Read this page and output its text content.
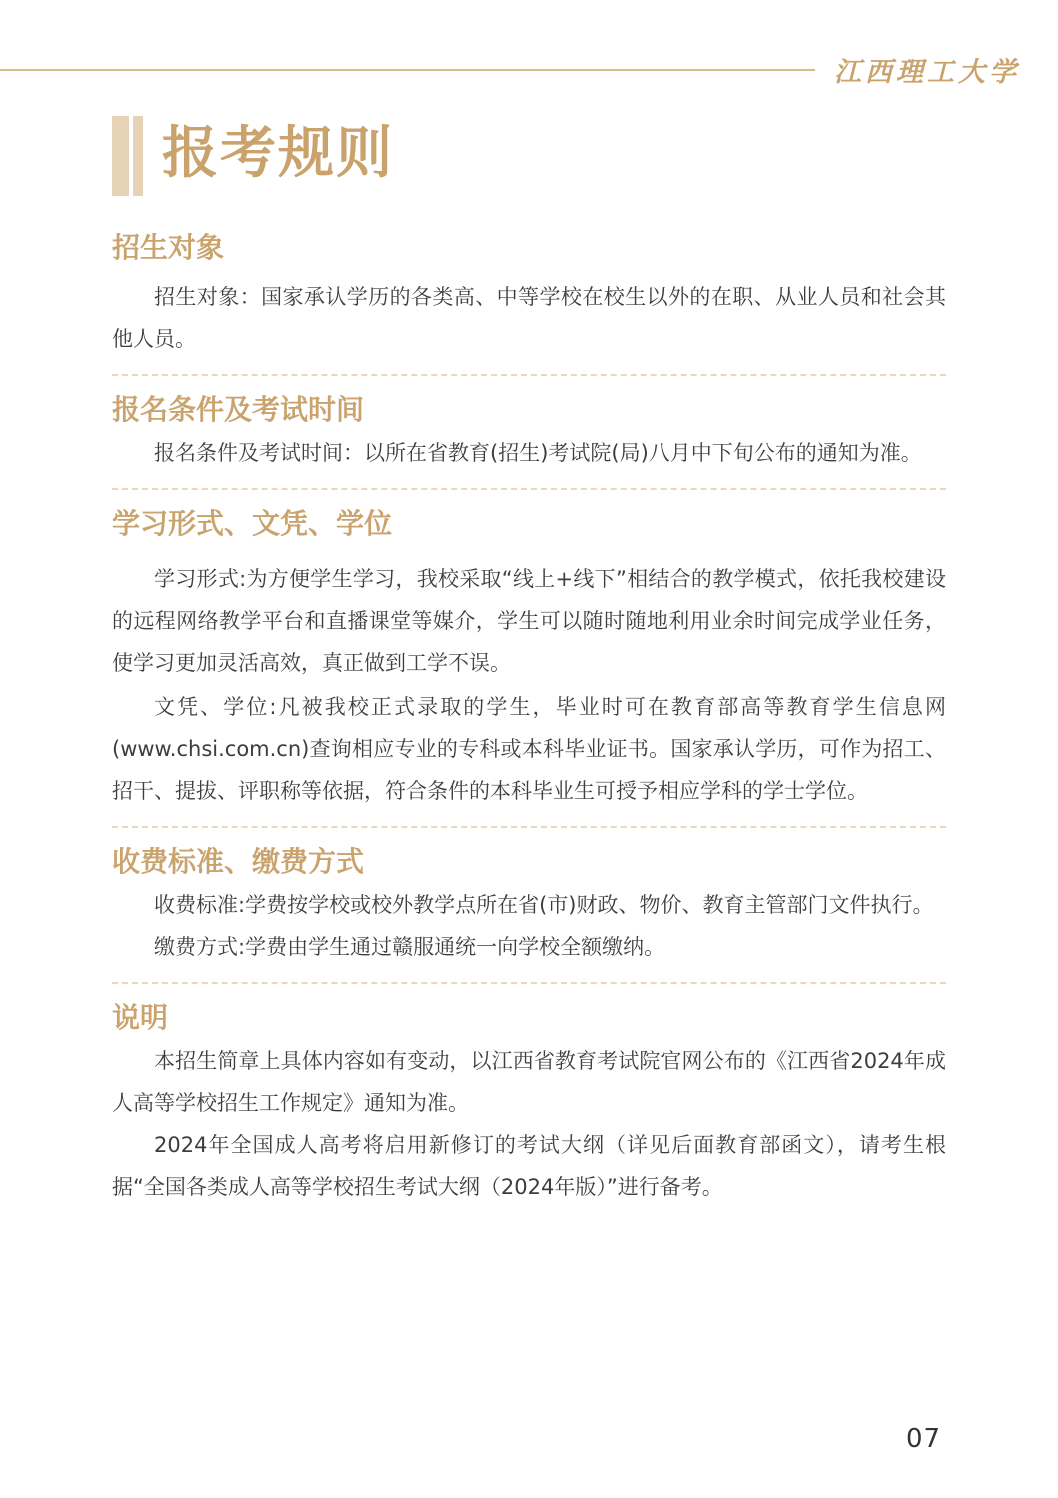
江西理工大学
报考规则
招生对象

招生对象：国家承认学历的各类高、中等学校在校生以外的在职、从业人员和社会其他人员。

报名条件及考试时间

报名条件及考试时间：以所在省教育(招生)考试院(局)八月中下旬公布的通知为准。

学习形式、文凭、学位

学习形式:为方便学生学习，我校采取“线上+线下”相结合的教学模式，依托我校建设的远程网络教学平台和直播课堂等媒介，学生可以随时随地利用业余时间完成学业任务，使学习更加灵活高效，真正做到工学不误。

文凭、学位:凡被我校正式录取的学生，毕业时可在教育部高等教育学生信息网(www.chsi.com.cn)查询相应专业的专科或本科毕业证书。国家承认学历，可作为招工、招干、提拔、评职称等依据，符合条件的本科毕业生可授予相应学科的学士学位。

收费标准、缴费方式

收费标准:学费按学校或校外教学点所在省(市)财政、物价、教育主管部门文件执行。

缴费方式:学费由学生通过赣服通统一向学校全额缴纳。

说明

本招生简章上具体内容如有变动，以江西省教育考试院官网公布的《江西省2024年成人高等学校招生工作规定》通知为准。

2024年全国成人高考将启用新修订的考试大纲（详见后面教育部函文），请考生根据“全国各类成人高等学校招生考试大纲（2024年版）”进行备考。

07
